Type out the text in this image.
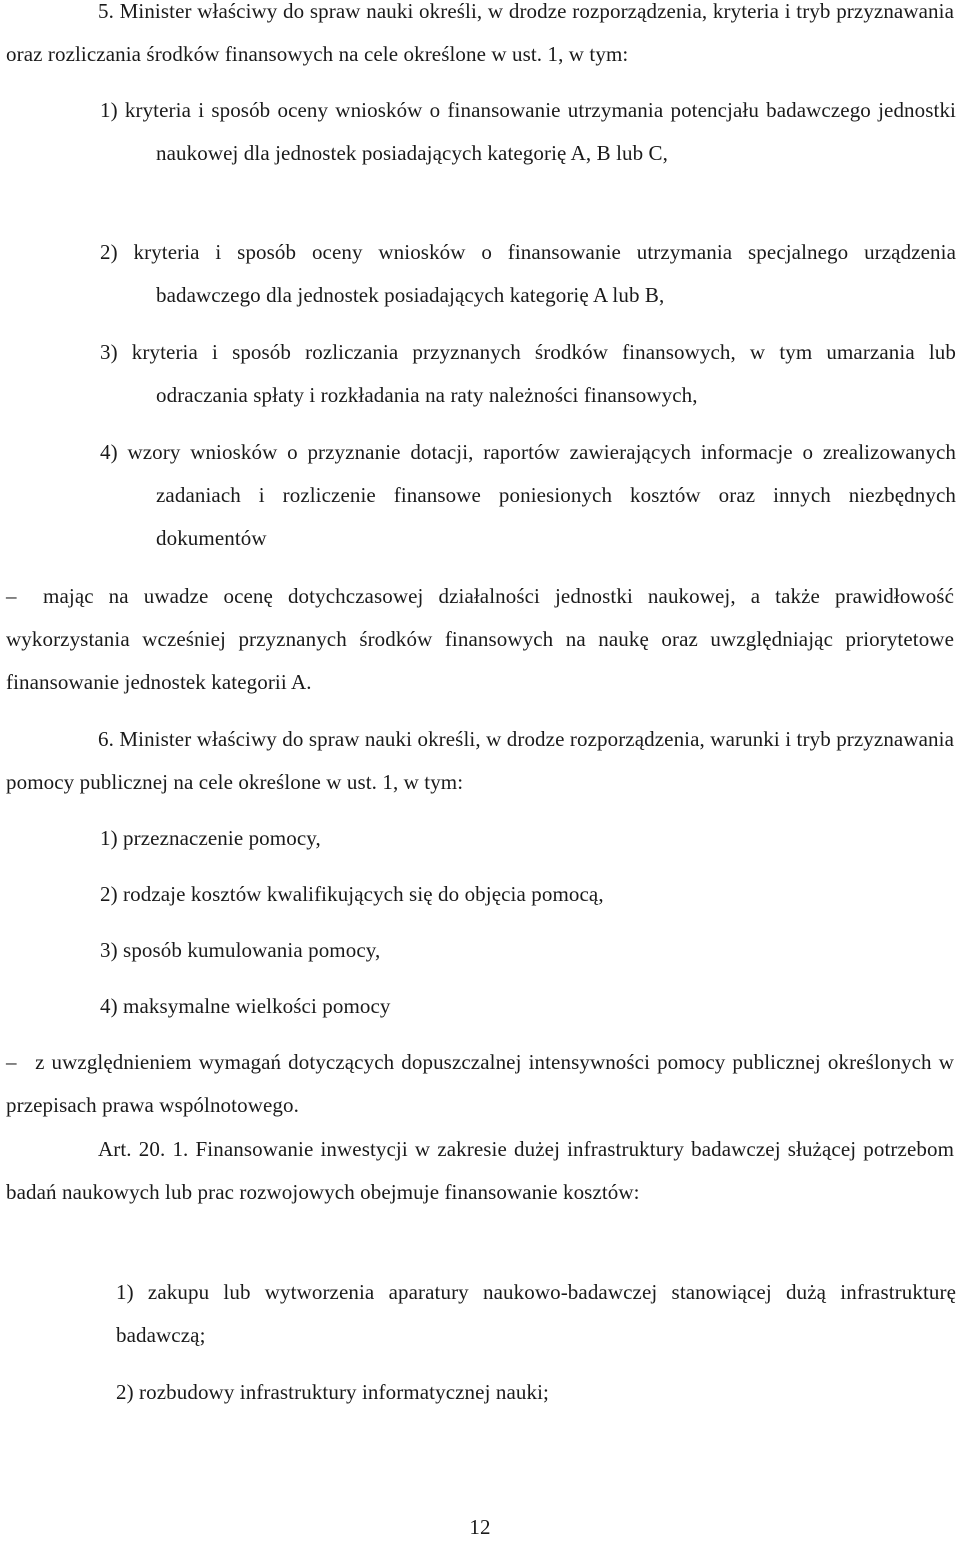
5. Minister właściwy do spraw nauki określi, w drodze rozporządzenia, kryteria i tryb przyznawania oraz rozliczania środków finansowych na cele określone w ust. 1, w tym:

1) kryteria i sposób oceny wniosków o finansowanie utrzymania potencjału badawczego jednostki naukowej dla jednostek posiadających kategorię A, B lub C,

2) kryteria i sposób oceny wniosków o finansowanie utrzymania specjalnego urządzenia badawczego dla jednostek posiadających kategorię A lub B,

3) kryteria i sposób rozliczania przyznanych środków finansowych, w tym umarzania lub odraczania spłaty i rozkładania na raty należności finansowych,

4) wzory wniosków o przyznanie dotacji, raportów zawierających informacje o zrealizowanych zadaniach i rozliczenie finansowe poniesionych kosztów oraz innych niezbędnych dokumentów

– mając na uwadze ocenę dotychczasowej działalności jednostki naukowej, a także prawidłowość wykorzystania wcześniej przyznanych środków finansowych na naukę oraz uwzględniając priorytetowe finansowanie jednostek kategorii A.

6. Minister właściwy do spraw nauki określi, w drodze rozporządzenia, warunki i tryb przyznawania pomocy publicznej na cele określone w ust. 1, w tym:

1) przeznaczenie pomocy,

2) rodzaje kosztów kwalifikujących się do objęcia pomocą,

3) sposób kumulowania pomocy,

4) maksymalne wielkości pomocy

– z uwzględnieniem wymagań dotyczących dopuszczalnej intensywności pomocy publicznej określonych w przepisach prawa wspólnotowego.

Art. 20. 1. Finansowanie inwestycji w zakresie dużej infrastruktury badawczej służącej potrzebom badań naukowych lub prac rozwojowych obejmuje finansowanie kosztów:

1) zakupu lub wytworzenia aparatury naukowo-badawczej stanowiącej dużą infrastrukturę badawczą;

2) rozbudowy infrastruktury informatycznej nauki;

12
